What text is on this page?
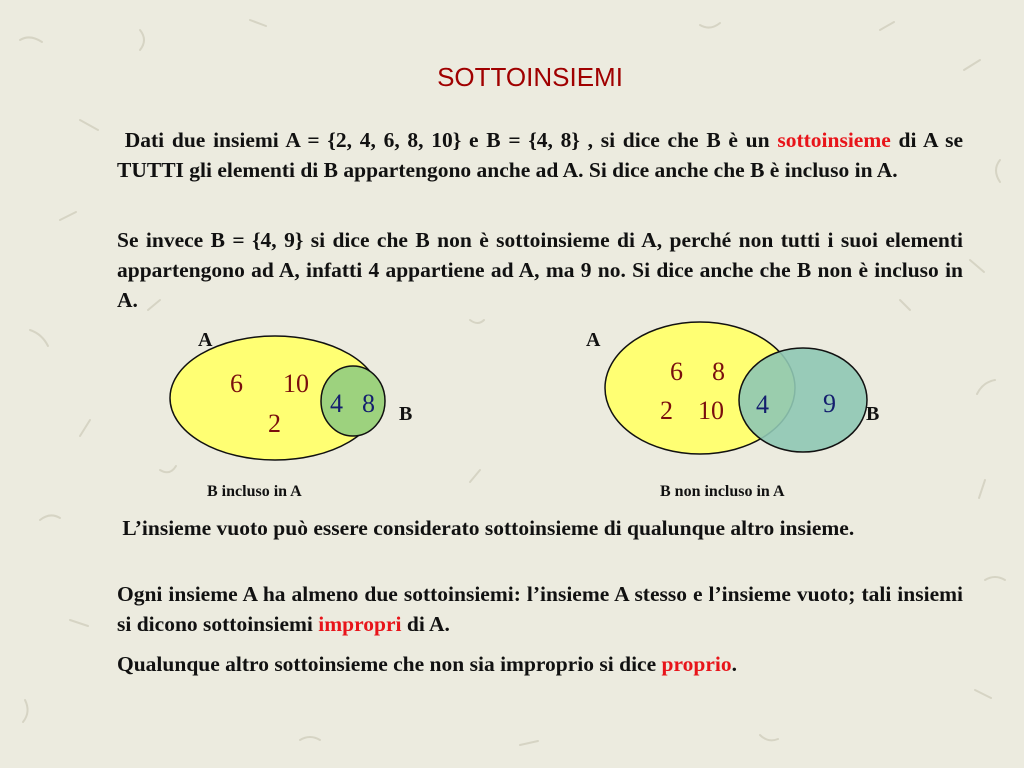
SOTTOINSIEMI
Dati due insiemi A = {2, 4, 6, 8, 10} e B = {4, 8} , si dice che B è un sottoinsieme di A se TUTTI gli elementi di B appartengono anche ad A. Si dice anche che B è incluso in A.
Se invece B = {4, 9} si dice che B non è sottoinsieme di A, perché non tutti i suoi elementi appartengono ad A, infatti 4 appartiene ad A, ma 9 no. Si dice anche che B non è incluso in A.
A
B
6 10
2
4 8
B incluso in A
A
B
6 8
2 10 4 9
B non incluso in A
L’insieme vuoto può essere considerato sottoinsieme di qualunque altro insieme.
Ogni insieme A ha almeno due sottoinsiemi: l’insieme A stesso e l’insieme vuoto; tali insiemi si dicono sottoinsiemi impropri di A.
Qualunque altro sottoinsieme che non sia improprio si dice proprio.
